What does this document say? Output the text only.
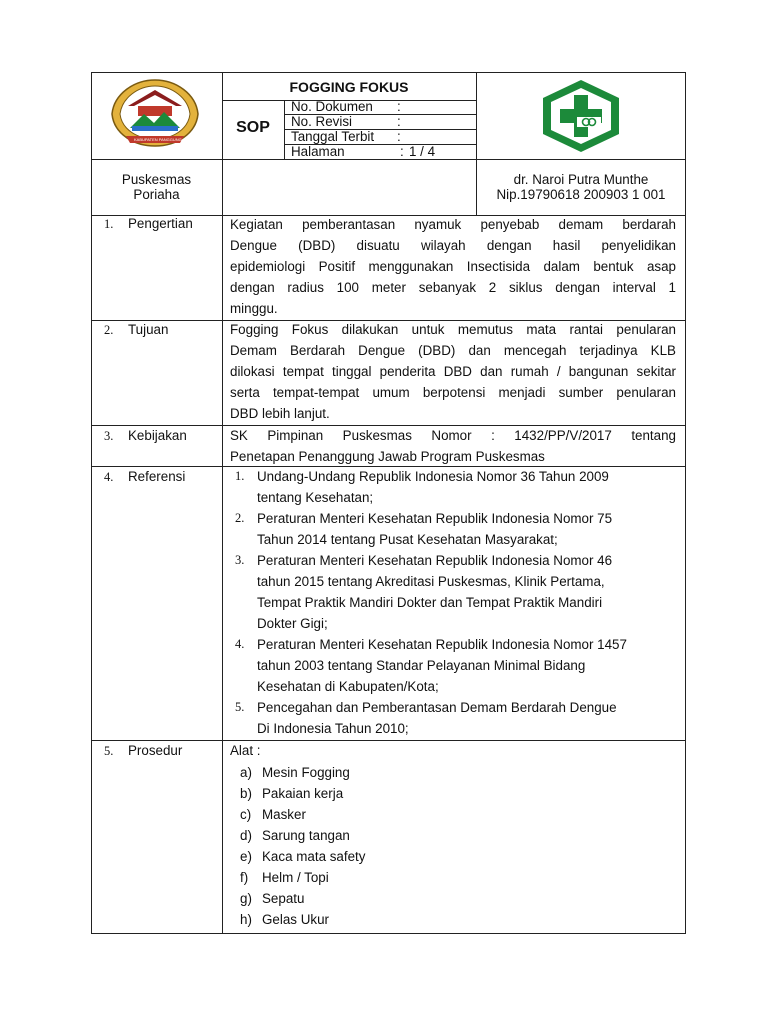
KABUPATEN PANGGUNG
FOGGING FOKUS
SOP
No. Dokumen :
No. Revisi	:
Tanggal Terbit :
Halaman	: 1 / 4
Puskesmas
Poriaha
dr. Naroi Putra Munthe
Nip.19790618 200903 1 001
1. Pengertian	Kegiatan pemberantasan nyamuk penyebab demam berdarah
Dengue (DBD) disuatu wilayah dengan hasil penyelidikan
epidemiologi Positif menggunakan Insectisida dalam bentuk asap
dengan radius 100 meter sebanyak 2 siklus dengan interval 1
minggu.
2. Tujuan	Fogging Fokus dilakukan untuk memutus mata rantai penularan
Demam Berdarah Dengue (DBD) dan mencegah terjadinya KLB
dilokasi tempat tinggal penderita DBD dan rumah / bangunan sekitar
serta tempat-tempat umum berpotensi menjadi sumber penularan
DBD lebih lanjut.
3. Kebijakan	SK Pimpinan Puskesmas Nomor : 1432/PP/V/2017 tentang
Penetapan Penanggung Jawab Program Puskesmas
4. Referensi	1. Undang-Undang Republik Indonesia Nomor 36 Tahun 2009
tentang Kesehatan;
2. Peraturan Menteri Kesehatan Republik Indonesia Nomor 75
Tahun 2014 tentang Pusat Kesehatan Masyarakat;
3. Peraturan Menteri Kesehatan Republik Indonesia Nomor 46
tahun 2015 tentang Akreditasi Puskesmas, Klinik Pertama,
Tempat Praktik Mandiri Dokter dan Tempat Praktik Mandiri
Dokter Gigi;
4. Peraturan Menteri Kesehatan Republik Indonesia Nomor 1457
tahun 2003 tentang Standar Pelayanan Minimal Bidang
Kesehatan di Kabupaten/Kota;
5. Pencegahan dan Pemberantasan Demam Berdarah Dengue
Di Indonesia Tahun 2010;
5. Prosedur	Alat :
a) Mesin Fogging
b) Pakaian kerja
c) Masker
d) Sarung tangan
e) Kaca mata safety
f) Helm / Topi
g) Sepatu
h) Gelas Ukur
